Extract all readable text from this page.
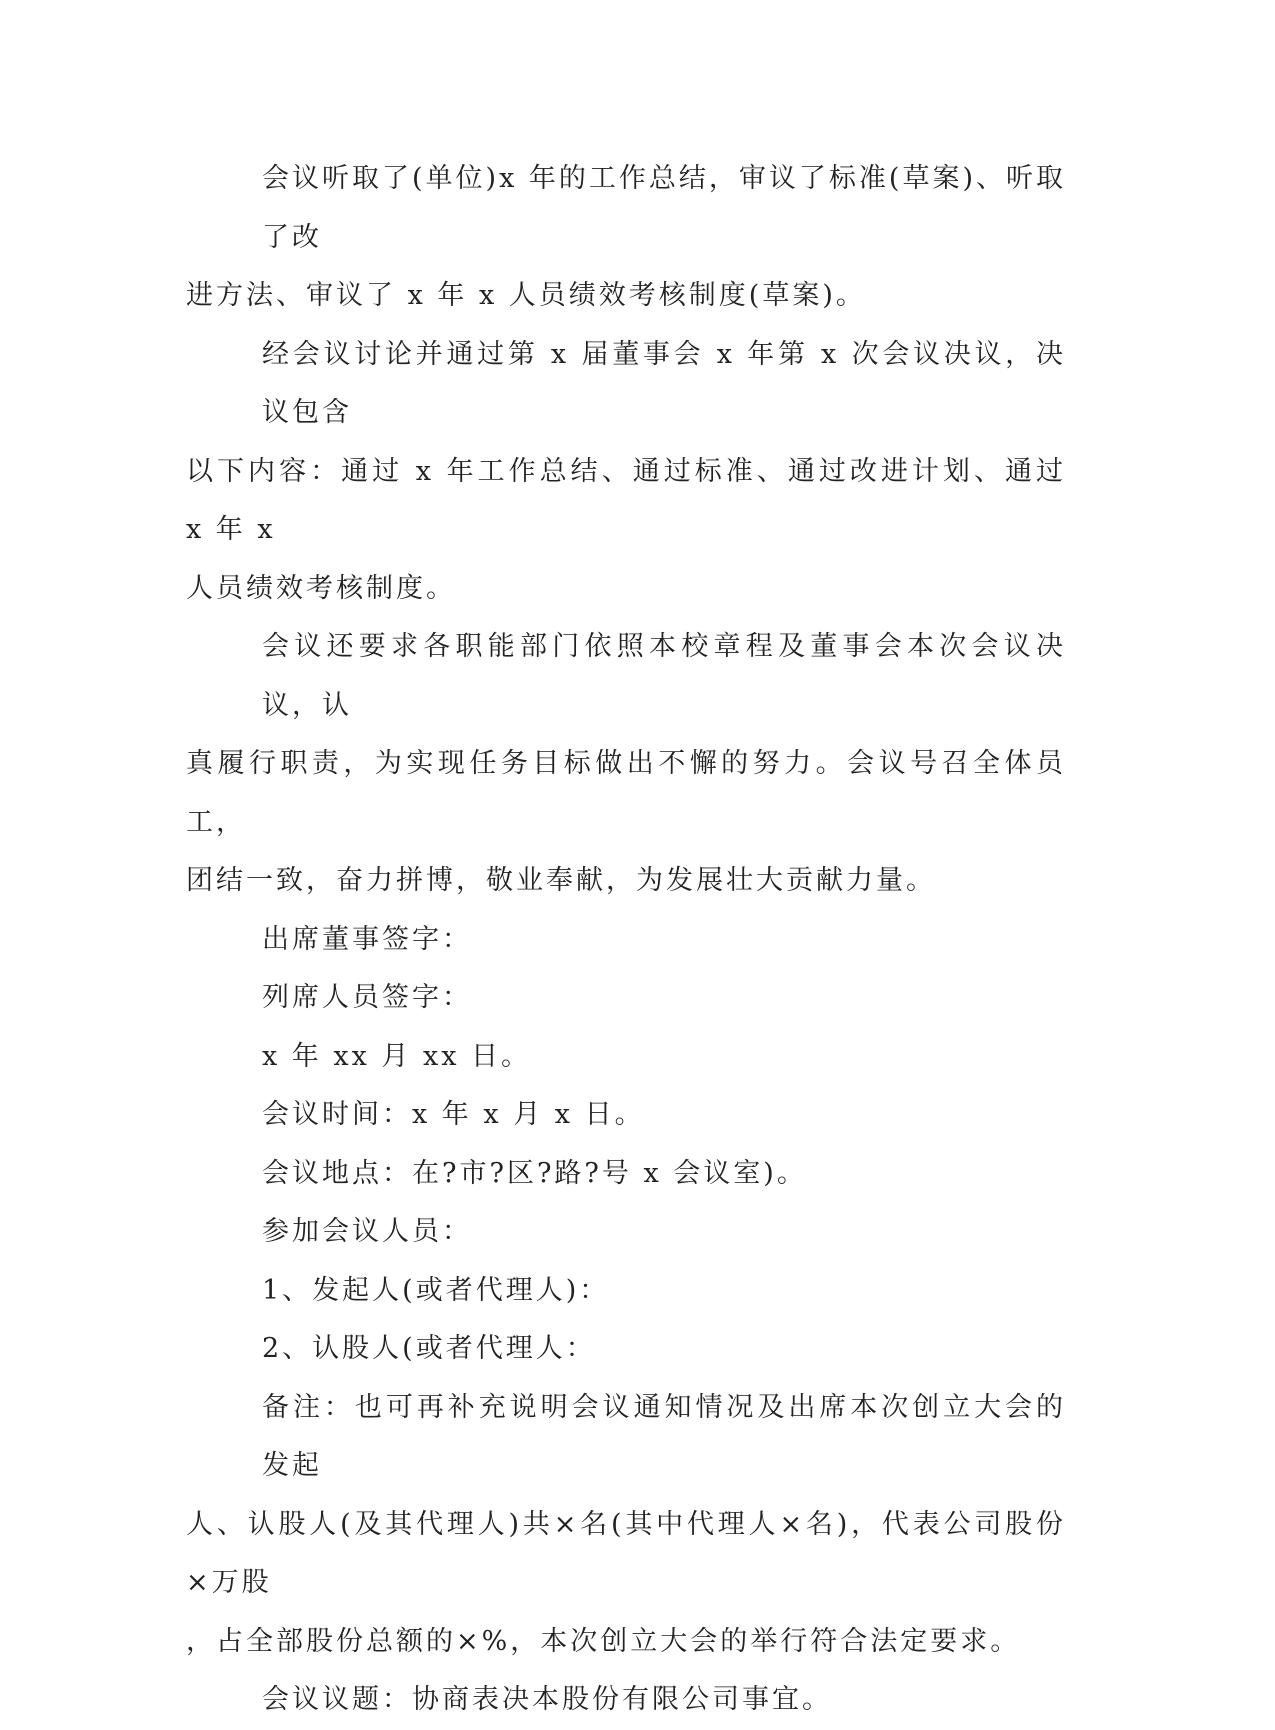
会议听取了(单位)x 年的工作总结，审议了标准(草案)、听取了改
进方法、审议了 x 年 x 人员绩效考核制度(草案)。

经会议讨论并通过第 x 届董事会 x 年第 x 次会议决议，决议包含
以下内容：通过 x 年工作总结、通过标准、通过改进计划、通过 x 年 x
人员绩效考核制度。

会议还要求各职能部门依照本校章程及董事会本次会议决议，认
真履行职责，为实现任务目标做出不懈的努力。会议号召全体员工，
团结一致，奋力拼博，敬业奉献，为发展壮大贡献力量。

出席董事签字：

列席人员签字：

x 年 xx 月 xx 日。

会议时间：x 年 x 月 x 日。

会议地点：在?市?区?路?号 x 会议室)。

参加会议人员：

1、发起人(或者代理人)：

2、认股人(或者代理人：

备注：也可再补充说明会议通知情况及出席本次创立大会的发起
人、认股人(及其代理人)共×名(其中代理人×名)，代表公司股份×万股
，占全部股份总额的×%，本次创立大会的举行符合法定要求。

会议议题：协商表决本股份有限公司事宜。
